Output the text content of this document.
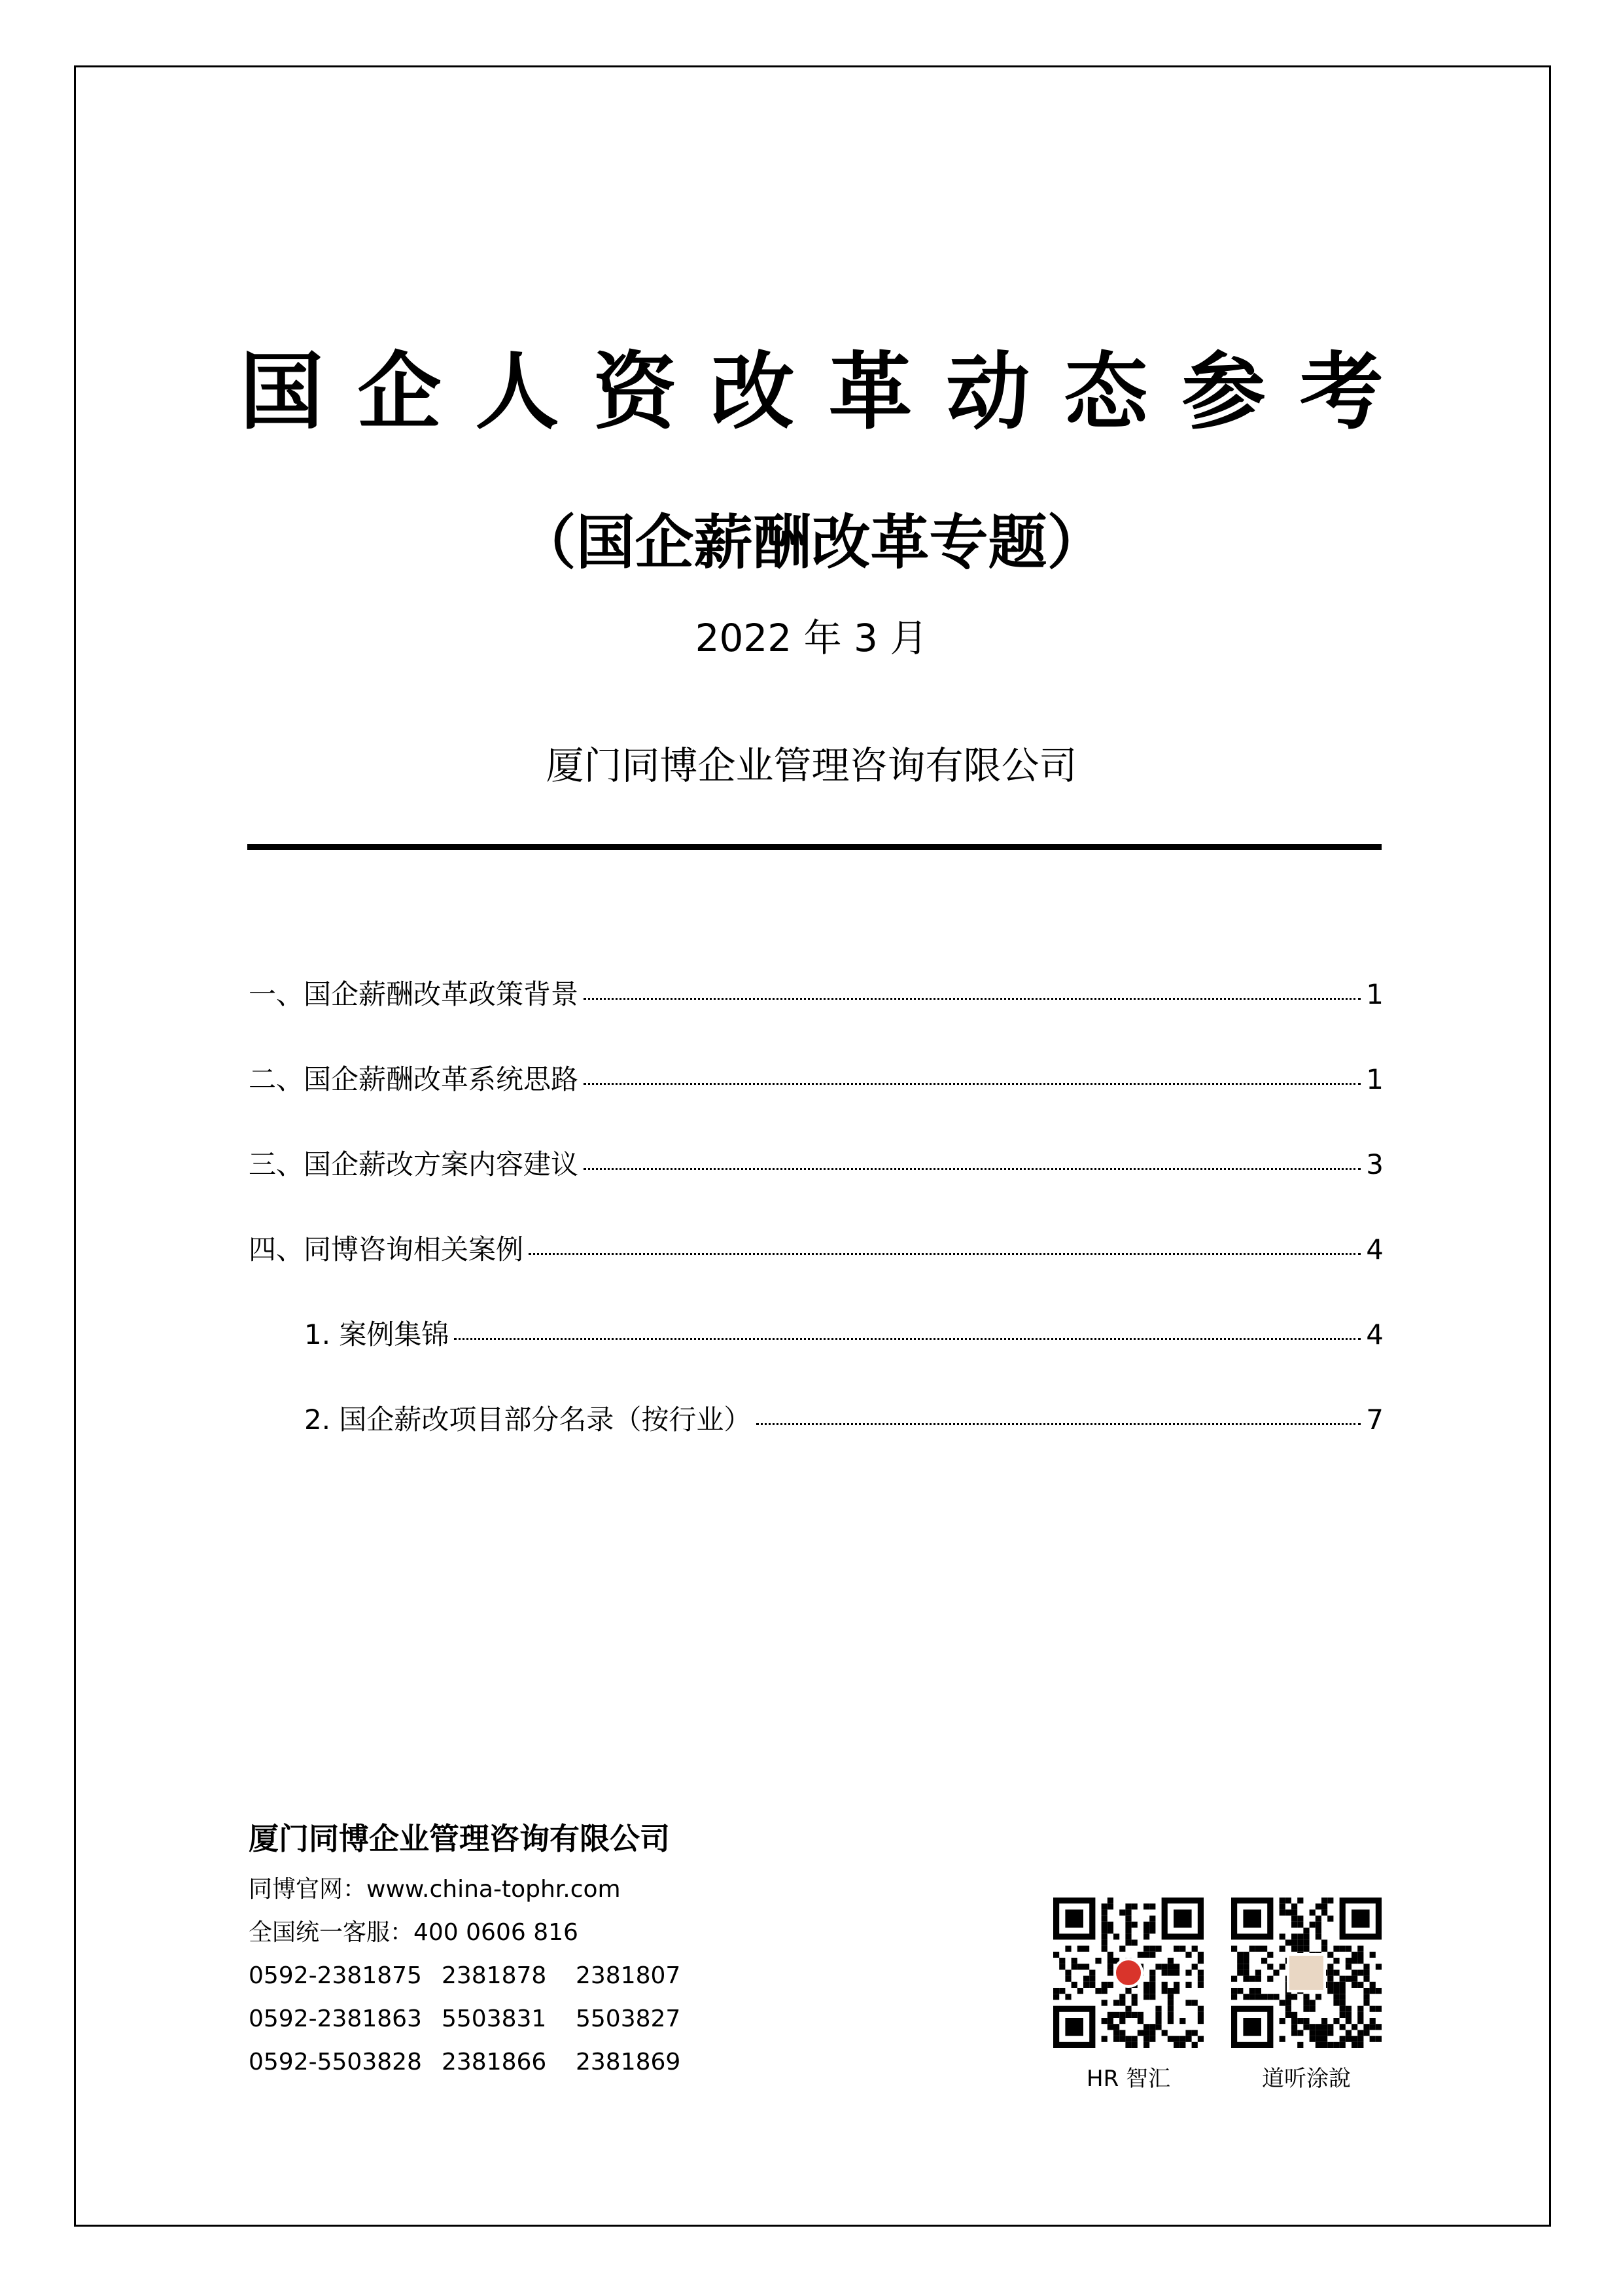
国企人资改革动态参考
（国企薪酬改革专题）
2022 年 3 月
厦门同博企业管理咨询有限公司
一、国企薪酬改革政策背景	1
二、国企薪酬改革系统思路	1
三、国企薪改方案内容建议	3
四、同博咨询相关案例	4
1. 案例集锦	4
2. 国企薪改项目部分名录（按行业）	7
厦门同博企业管理咨询有限公司
同博官网：www.china-tophr.com
全国统一客服：400 0606 816
0592-2381875 2381878 2381807
0592-2381863 5503831 5503827
0592-5503828 2381866 2381869
HR 智汇	道听涂說
